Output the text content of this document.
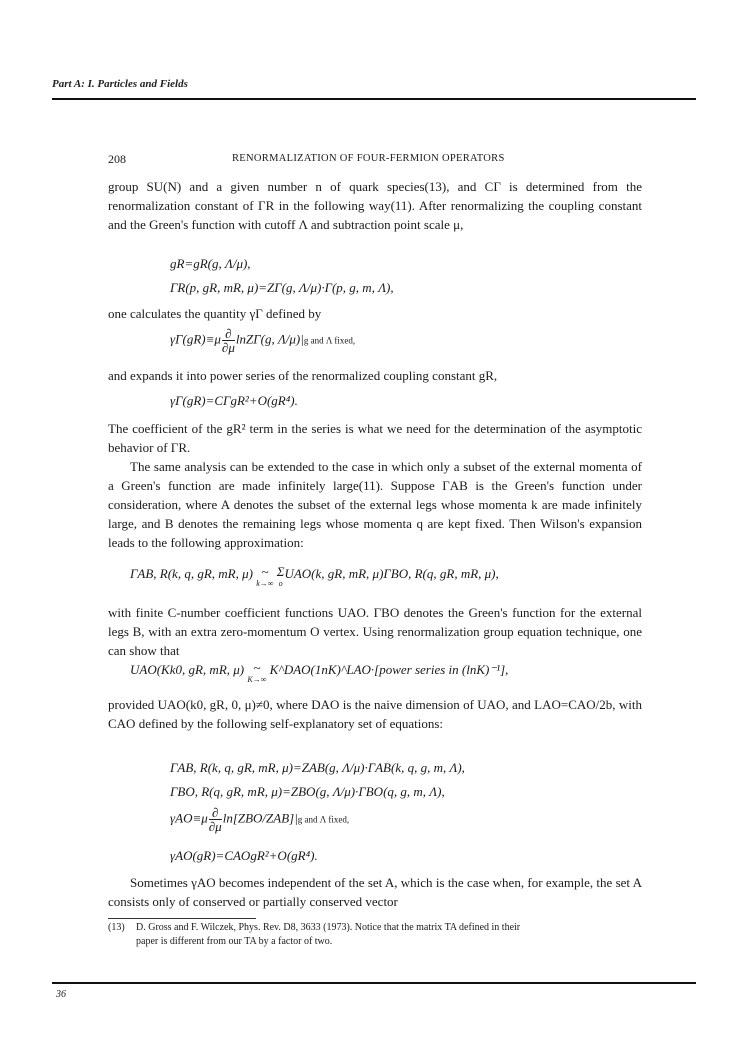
Part A: I. Particles and Fields
208	RENORMALIZATION OF FOUR-FERMION OPERATORS
group SU(N) and a given number n of quark species(13), and CΓ is determined from the renormalization constant of ΓR in the following way(11). After renormalizing the coupling constant and the Green's function with cutoff Λ and subtraction point scale μ,
gR=gR(g, Λ/μ),
ΓR(p, gR, mR, μ)=ZΓ(g, Λ/μ)·Γ(p, g, m, Λ),
one calculates the quantity γΓ defined by
$\gamma\Gamma(gR)\equiv\mu \frac{\partial}{\partial\mu} \ln Z\Gamma(g$, Λ/μ)|g and Λ fixed,
and expands it into power series of the renormalized coupling constant gR,
γΓ(gR)=CΓgR²+O(gR⁴).
The coefficient of the gR² term in the series is what we need for the determination of the asymptotic behavior of ΓR.
The same analysis can be extended to the case in which only a subset of the external momenta of a Green's function are made infinitely large(11). Suppose ΓAB is the Green's function under consideration, where A denotes the subset of the external legs whose momenta k are made infinitely large, and B denotes the remaining legs whose momenta q are kept fixed. Then Wilson's expansion leads to the following approximation:
ΓAB, R(k, q, gR, mR, μ) ~
k→∞
Σ
o
UAO(k, gR, mR, μ)ΓBO, R(q, gR, mR, μ),
with finite C-number coefficient functions UAO. ΓBO denotes the Green's function for the external legs B, with an extra zero-momentum O vertex. Using renormalization group equation technique, one can show that
UAO(Kk0, gR, mR, μ) ~
K→∞
K^DAO(1nK)^LAO·[power series in (lnK)⁻¹],
provided UAO(k0, gR, 0, μ)≠0, where DAO is the naive dimension of UAO, and LAO=CAO/2b, with CAO defined by the following self-explanatory set of equations:
ΓAB, R(k, q, gR, mR, μ)=ZAB(g, Λ/μ)·ΓAB(k, q, g, m, Λ),
ΓBO, R(q, gR, mR, μ)=ZBO(g, Λ/μ)·ΓBO(q, g, m, Λ),
$\gamma AO\equiv\mu \frac{\partial}{\partial\mu} \ln[ZBO/ZAB]|g$ and Λ fixed,
γAO(gR)=CAOgR²+O(gR⁴).
Sometimes γAO becomes independent of the set A, which is the case when, for example, the set A consists only of conserved or partially conserved vector
(13) D. Gross and F. Wilczek, Phys. Rev. D8, 3633 (1973). Notice that the matrix TA defined in their
paper is different from our TA by a factor of two.
36
